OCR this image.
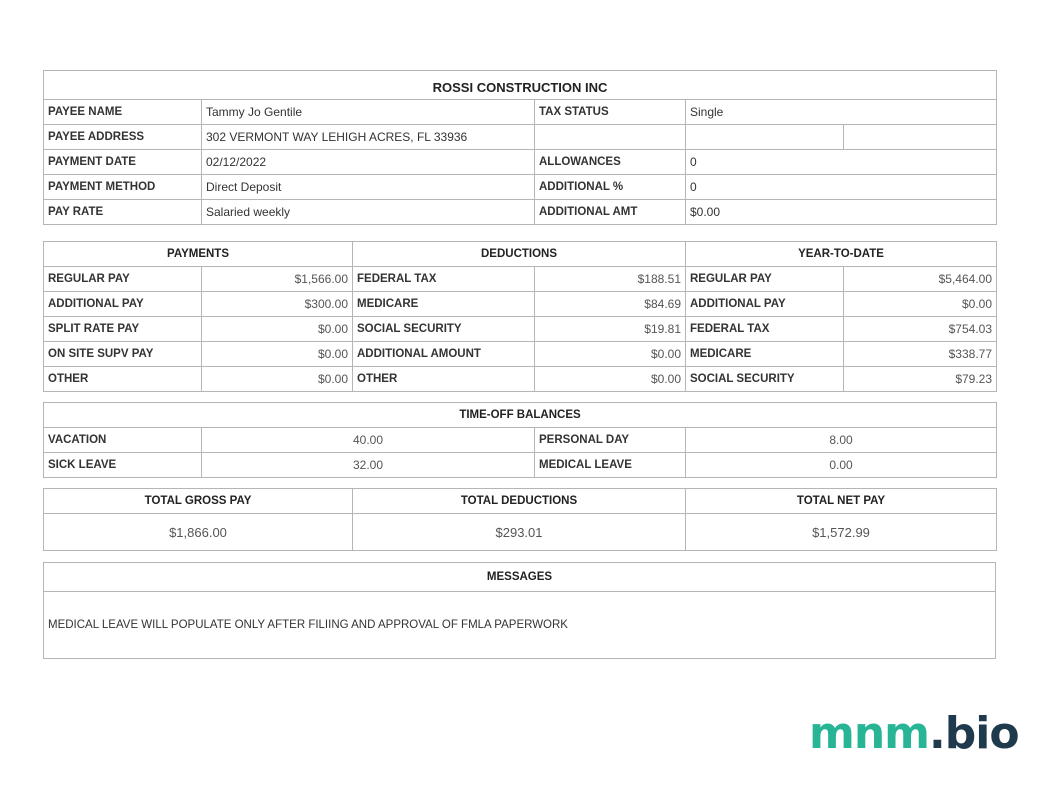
ROSSI CONSTRUCTION INC				
PAYEE NAME	Tammy Jo Gentile	TAX STATUS	Single	
PAYEE ADDRESS	302 VERMONT WAY LEHIGH ACRES, FL 33936			
PAYMENT DATE	02/12/2022	ALLOWANCES	0	
PAYMENT METHOD	Direct Deposit	ADDITIONAL %	0	
PAY RATE	Salaried weekly	ADDITIONAL AMT	$0.00	
PAYMENTS		DEDUCTIONS		YEAR-TO-DATE	
REGULAR PAY	$1,566.00	FEDERAL TAX	$188.51	REGULAR PAY	$5,464.00
ADDITIONAL PAY	$300.00	MEDICARE	$84.69	ADDITIONAL PAY	$0.00
SPLIT RATE PAY	$0.00	SOCIAL SECURITY	$19.81	FEDERAL TAX	$754.03
ON SITE SUPV PAY	$0.00	ADDITIONAL AMOUNT	$0.00	MEDICARE	$338.77
OTHER	$0.00	OTHER	$0.00	SOCIAL SECURITY	$79.23
TIME-OFF BALANCES			
VACATION	40.00	PERSONAL DAY	8.00
SICK LEAVE	32.00	MEDICAL LEAVE	0.00
TOTAL GROSS PAY	TOTAL DEDUCTIONS	TOTAL NET PAY
$1,866.00	$293.01	$1,572.99
MESSAGES
MEDICAL LEAVE WILL POPULATE ONLY AFTER FILIING AND APPROVAL OF FMLA PAPERWORK
mnm.bio
